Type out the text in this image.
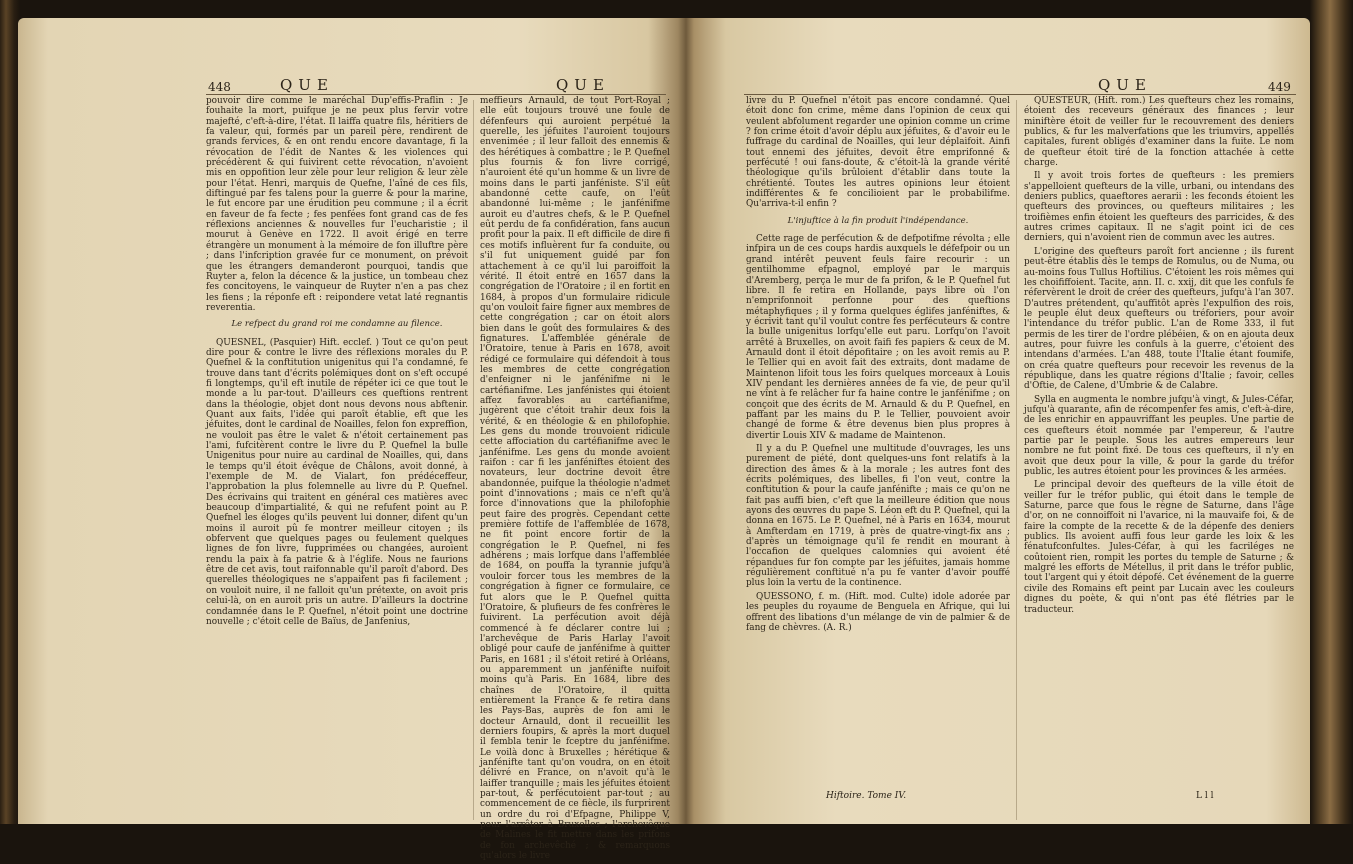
448	QUE	QUE

pouvoir dire comme le maréchal Dup'effis-Praflin : Je fouhaite la mort, puifque je ne peux plus fervir votre majefté, c'eft-à-dire, l'état. Il laiffa quatre fils, héritiers de fa valeur, qui, formés par un pareil père, rendirent de grands fervices, & en ont rendu encore davantage, fi la révocation de l'édit de Nantes & les violences qui précédèrent & qui fuivirent cette révocation, n'avoient mis en oppofition leur zèle pour leur religion & leur zèle pour l'état. Henri, marquis de Quefne, l'aîné de ces fils, diftingué par fes talens pour la guerre & pour la marine, le fut encore par une érudition peu commune ; il a écrit en faveur de fa fecte ; fes penfées font grand cas de fes réflexions anciennes & nouvelles fur l'eucharistie ; il mourut à Genève en 1722. Il avoit érigé en terre étrangère un monument à la mémoire de fon illuftre père ; dans l'infcription gravée fur ce monument, on prévoit que les étrangers demanderont pourquoi, tandis que Ruyter a, felon la décence & la justice, un tombeau chez fes concitoyens, le vainqueur de Ruyter n'en a pas chez les fiens ; la réponfe eft : reipondere vetat laté regnantis reverentia.

Le refpect du grand roi me condamne au filence.

QUESNEL, (Pasquier) Hift. ecclef. ) Tout ce qu'on peut dire pour & contre le livre des réflexions morales du P. Quefnel & la conftitution unigenitus qui l'a condamné, fe trouve dans tant d'écrits polémiques dont on s'eft occupé fi longtemps, qu'il eft inutile de répéter ici ce que tout le monde a lu par-tout. D'ailleurs ces queftions rentrent dans la théologie, objet dont nous devons nous abftenir. Quant aux faits, l'idée qui paroît établie, eft que les jéfuites, dont le cardinal de Noailles, felon fon expreffion, ne vouloit pas être le valet & n'étoit certainement pas l'ami, fufcitèrent contre le livre du P. Quefnel la bulle Unigenitus pour nuire au cardinal de Noailles, qui, dans le temps qu'il étoit évêque de Châlons, avoit donné, à l'exemple de M. de Vialart, fon prédéceffeur, l'approbation la plus folemnelle au livre du P. Quefnel. Des écrivains qui traitent en général ces matières avec beaucoup d'impartialité, & qui ne refufent point au P. Quefnel les éloges qu'ils peuvent lui donner, difent qu'un moins il auroit pû fe montrer meilleur citoyen ; ils obfervent que quelques pages ou feulement quelques lignes de fon livre, fupprimées ou changées, auroient rendu la paix à fa patrie & à l'églife. Nous ne faurions être de cet avis, tout raifonnable qu'il paroît d'abord. Des querelles théologiques ne s'appaifent pas fi facilement ; on vouloit nuire, il ne falloit qu'un prétexte, on avoit pris celui-là, on en auroit pris un autre. D'ailleurs la doctrine condamnée dans le P. Quefnel, n'étoit point une doctrine nouvelle ; c'étoit celle de Baïus, de Janfenius,

meffieurs Arnauld, de tout Port-Royal ; elle eût toujours trouvé une foule de défenfeurs qui auroient perpétué la querelle, les jéfuites l'auroient toujours envenimée ; il leur falloit des ennemis & des hérétiques à combattre ; le P. Quefnel plus fournis & fon livre corrigé, n'auroient été qu'un homme & un livre de moins dans le parti janféniste. S'il eût abandonné cette caufe, on l'eût abandonné lui-même ; le janfénifme auroit eu d'autres chefs, & le P. Quefnel eût perdu de fa confidération, fans aucun profit pour la paix. Il eft difficile de dire fi ces motifs influèrent fur fa conduite, ou s'il fut uniquement guidé par fon attachement à ce qu'il lui paroiffoit la vérité. Il étoit entré en 1657 dans la congrégation de l'Oratoire ; il en fortit en 1684, à propos d'un formulaire ridicule qu'on vouloit faire figner aux membres de cette congrégation ; car on étoit alors bien dans le goût des formulaires & des fignatures. L'affemblée générale de l'Oratoire, tenue à Paris en 1678, avoit rédigé ce formulaire qui défendoit à tous les membres de cette congrégation d'enfeigner ni le janfénifme ni le cartéfianifme. Les janfénistes qui étoient affez favorables au cartéfianifme, jugèrent que c'étoit trahir deux fois la vérité, & en théologie & en philofophie. Les gens du monde trouvoient ridicule cette affociation du cartéfianifme avec le janfénifme. Les gens du monde avoient raifon : car fi les janféniftes étoient des novateurs, leur doctrine devoit être abandonnée, puifque la théologie n'admet point d'innovations ; mais ce n'eft qu'à force d'innovations que la philofophie peut faire des progrès. Cependant cette première fottife de l'affemblée de 1678, ne fit point encore fortir de la congrégation le P. Quefnel, ni fes adhérens ; mais lorfque dans l'affemblée de 1684, on pouffa la tyrannie jufqu'à vouloir forcer tous les membres de la congrégation à figner ce formulaire, ce fut alors que le P. Quefnel quitta l'Oratoire, & plufieurs de fes confrères le fuivirent. La perfécution avoit déjà commencé à fe déclarer contre lui ; l'archevêque de Paris Harlay l'avoit obligé pour caufe de janfénifme à quitter Paris, en 1681 ; il s'étoit retiré à Orléans, ou apparemment un janfénifte nuifoit moins qu'à Paris. En 1684, libre des chaînes de l'Oratoire, il quitta entièrement la France & fe retira dans les Pays-Bas, auprès de fon ami le docteur Arnauld, dont il recueillit les derniers foupirs, & après la mort duquel il fembla tenir le fceptre du janfénifme. Le voilà donc à Bruxelles ; hérétique & janfénifte tant qu'on voudra, on en étoit délivré en France, on n'avoit qu'à le laiffer tranquille ; mais les jéfuites étoient par-tout, & perfécutoient par-tout ; au commencement de ce fiècle, ils furprirent un ordre du roi d'Efpagne, Philippe V, pour l'arrêter à Bruxelles ; l'archevêque de Malines le fit mettre dans les prifons de fon archevêché ; & remarquons qu'alors le livre

QUE	449

livre du P. Quefnel n'étoit pas encore condamné. Quel étoit donc fon crime, même dans l'opinion de ceux qui veulent abfolument regarder une opinion comme un crime ? fon crime étoit d'avoir déplu aux jéfuites, & d'avoir eu le fuffrage du cardinal de Noailles, qui leur déplaifoit. Ainfi tout ennemi des jéfuites, devoit être emprifonné & perfécuté ! oui fans-doute, & c'étoit-là la grande vérité théologique qu'ils brûloient d'établir dans toute la chrétienté. Toutes les autres opinions leur étoient indifférentes & fe concilioient par le probabilifme. Qu'arriva-t-il enfin ?

L'injuftice à la fin produit l'indépendance.

Cette rage de perfécution & de defpotifme révolta ; elle infpira un de ces coups hardis auxquels le défefpoir ou un grand intérêt peuvent feuls faire recourir : un gentilhomme efpagnol, employé par le marquis d'Aremberg, perça le mur de fa prifon, & le P. Quefnel fut libre. Il fe retira en Hollande, pays libre où l'on n'emprifonnoit perfonne pour des queftions métaphyfiques ; il y forma quelques églifes janféniftes, & y écrivit tant qu'il voulut contre fes perfécuteurs & contre la bulle unigenitus lorfqu'elle eut paru. Lorfqu'on l'avoit arrêté à Bruxelles, on avoit faifi fes papiers & ceux de M. Arnauld dont il étoit dépofitaire ; on les avoit remis au P. le Tellier qui en avoit fait des extraits, dont madame de Maintenon lifoit tous les foirs quelques morceaux à Louis XIV pendant les dernières années de fa vie, de peur qu'il ne vînt à fe relâcher fur fa haine contre le janfénifme ; on conçoit que des écrits de M. Arnauld & du P. Quefnel, en paffant par les mains du P. le Tellier, pouvoient avoir changé de forme & être devenus bien plus propres à divertir Louis XIV & madame de Maintenon.

Il y a du P. Quefnel une multitude d'ouvrages, les uns purement de piété, dont quelques-uns font relatifs à la direction des âmes & à la morale ; les autres font des écrits polémiques, des libelles, fi l'on veut, contre la conftitution & pour la caufe janfénifte ; mais ce qu'on ne fait pas auffi bien, c'eft que la meilleure édition que nous ayons des œuvres du pape S. Léon eft du P. Quefnel, qui la donna en 1675. Le P. Quefnel, né à Paris en 1634, mourut à Amfterdam en 1719, à près de quatre-vingt-fix ans ; d'après un témoignage qu'il fe rendit en mourant à l'occafion de quelques calomnies qui avoient été répandues fur fon compte par les jéfuites, jamais homme régulièrement conftitué n'a pu fe vanter d'avoir pouffé plus loin la vertu de la continence.

QUESSONO, f. m. (Hift. mod. Culte) idole adorée par les peuples du royaume de Benguela en Afrique, qui lui offrent des libations d'un mélange de vin de palmier & de fang de chèvres. (A. R.)

Hiftoire. Tome IV.

QUESTEUR, (Hift. rom.) Les quefteurs chez les romains, étoient des receveurs généraux des finances ; leur miniftère étoit de veiller fur le recouvrement des deniers publics, & fur les malverfations que les triumvirs, appellés capitales, furent obligés d'examiner dans la fuite. Le nom de quefteur étoit tiré de la fonction attachée à cette charge.

Il y avoit trois fortes de quefteurs : les premiers s'appelloient quefteurs de la ville, urbani, ou intendans des deniers publics, quaeftores aerarii : les feconds étoient les quefteurs des provinces, ou quefteurs militaires ; les troifièmes enfin étoient les quefteurs des parricides, & des autres crimes capitaux. Il ne s'agit point ici de ces derniers, qui n'avoient rien de commun avec les autres.

L'origine des quefteurs paroît fort ancienne ; ils furent peut-être établis dès le temps de Romulus, ou de Numa, ou au-moins fous Tullus Hoftilius. C'étoient les rois mêmes qui les choififfoient. Tacite, ann. II. c. xxij, dit que les confuls fe réfervèrent le droit de créer des quefteurs, jufqu'à l'an 307. D'autres prétendent, qu'auffitôt après l'expulfion des rois, le peuple élut deux quefteurs ou tréforiers, pour avoir l'intendance du tréfor public. L'an de Rome 333, il fut permis de les tirer de l'ordre plébéien, & on en ajouta deux autres, pour fuivre les confuls à la guerre, c'étoient des intendans d'armées. L'an 488, toute l'Italie étant foumife, on créa quatre quefteurs pour recevoir les revenus de la république, dans les quatre régions d'Italie ; favoir, celles d'Oftie, de Calene, d'Umbrie & de Calabre.

Sylla en augmenta le nombre jufqu'à vingt, & Jules-Céfar, jufqu'à quarante, afin de récompenfer fes amis, c'eft-à-dire, de les enrichir en appauvriffant les peuples. Une partie de ces quefteurs étoit nommée par l'empereur, & l'autre partie par le peuple. Sous les autres empereurs leur nombre ne fut point fixé. De tous ces quefteurs, il n'y en avoit que deux pour la ville, & pour la garde du tréfor public, les autres étoient pour les provinces & les armées.

Le principal devoir des quefteurs de la ville étoit de veiller fur le tréfor public, qui étoit dans le temple de Saturne, parce que fous le règne de Saturne, dans l'âge d'or, on ne connoiffoit ni l'avarice, ni la mauvaife foi, & de faire la compte de la recette & de la dépenfe des deniers publics. Ils avoient auffi fous leur garde les loix & les fénatufconfultes. Jules-Céfar, à qui les facriléges ne coûtoient rien, rompit les portes du temple de Saturne ; & malgré les efforts de Métellus, il prit dans le tréfor public, tout l'argent qui y étoit dépofé. Cet événement de la guerre civile des Romains eft peint par Lucain avec les couleurs dignes du poète, & qui n'ont pas été flétries par le traducteur.

L l l
